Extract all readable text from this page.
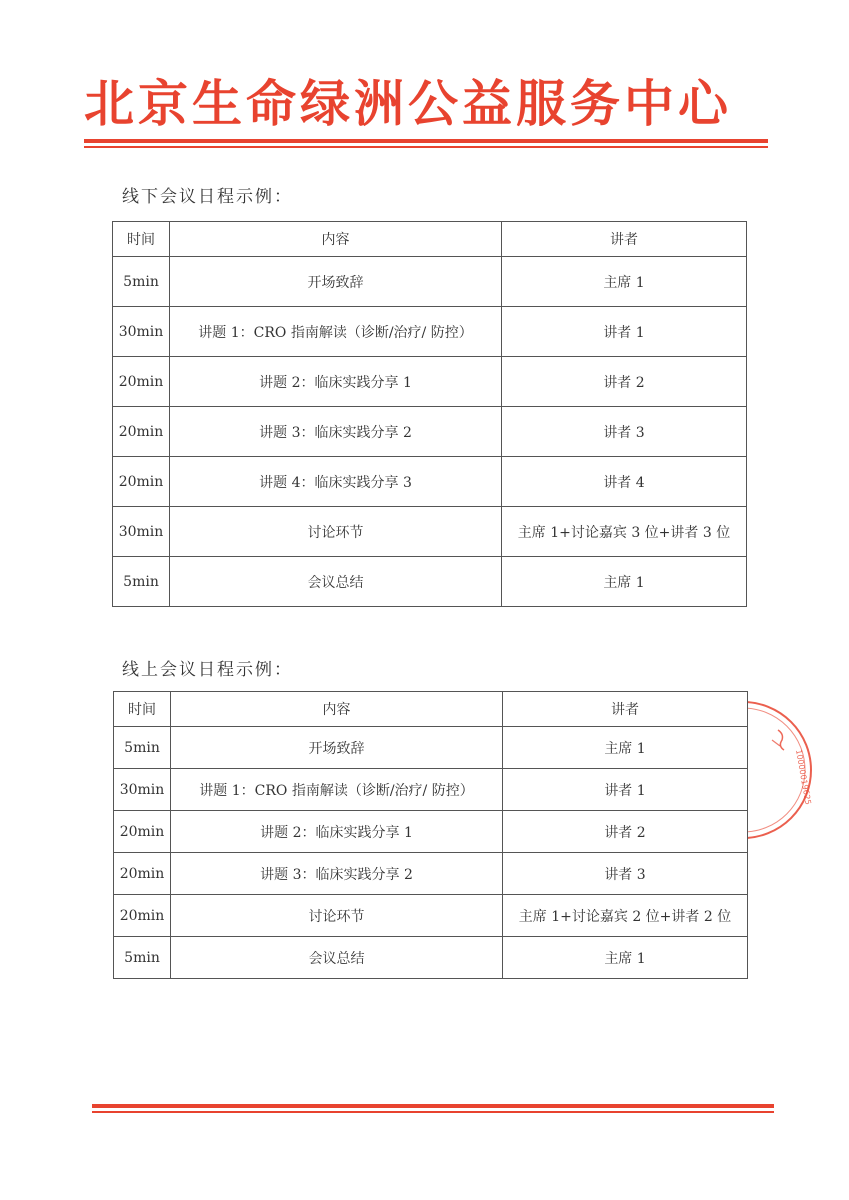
北京生命绿洲公益服务中心
线下会议日程示例：
时间	内容	讲者
5min	开场致辞	主席 1
30min	讲题 1：CRO 指南解读（诊断/治疗/ 防控）	讲者 1
20min	讲题 2：临床实践分享 1	讲者 2
20min	讲题 3：临床实践分享 2	讲者 3
20min	讲题 4：临床实践分享 3	讲者 4
30min	讨论环节	主席 1+讨论嘉宾 3 位+讲者 3 位
5min	会议总结	主席 1
线上会议日程示例：
时间	内容	讲者
5min	开场致辞	主席 1
30min	讲题 1：CRO 指南解读（诊断/治疗/ 防控）	讲者 1
20min	讲题 2：临床实践分享 1	讲者 2
20min	讲题 3：临床实践分享 2	讲者 3
20min	讨论环节	主席 1+讨论嘉宾 2 位+讲者 2 位
5min	会议总结	主席 1
10000019625
